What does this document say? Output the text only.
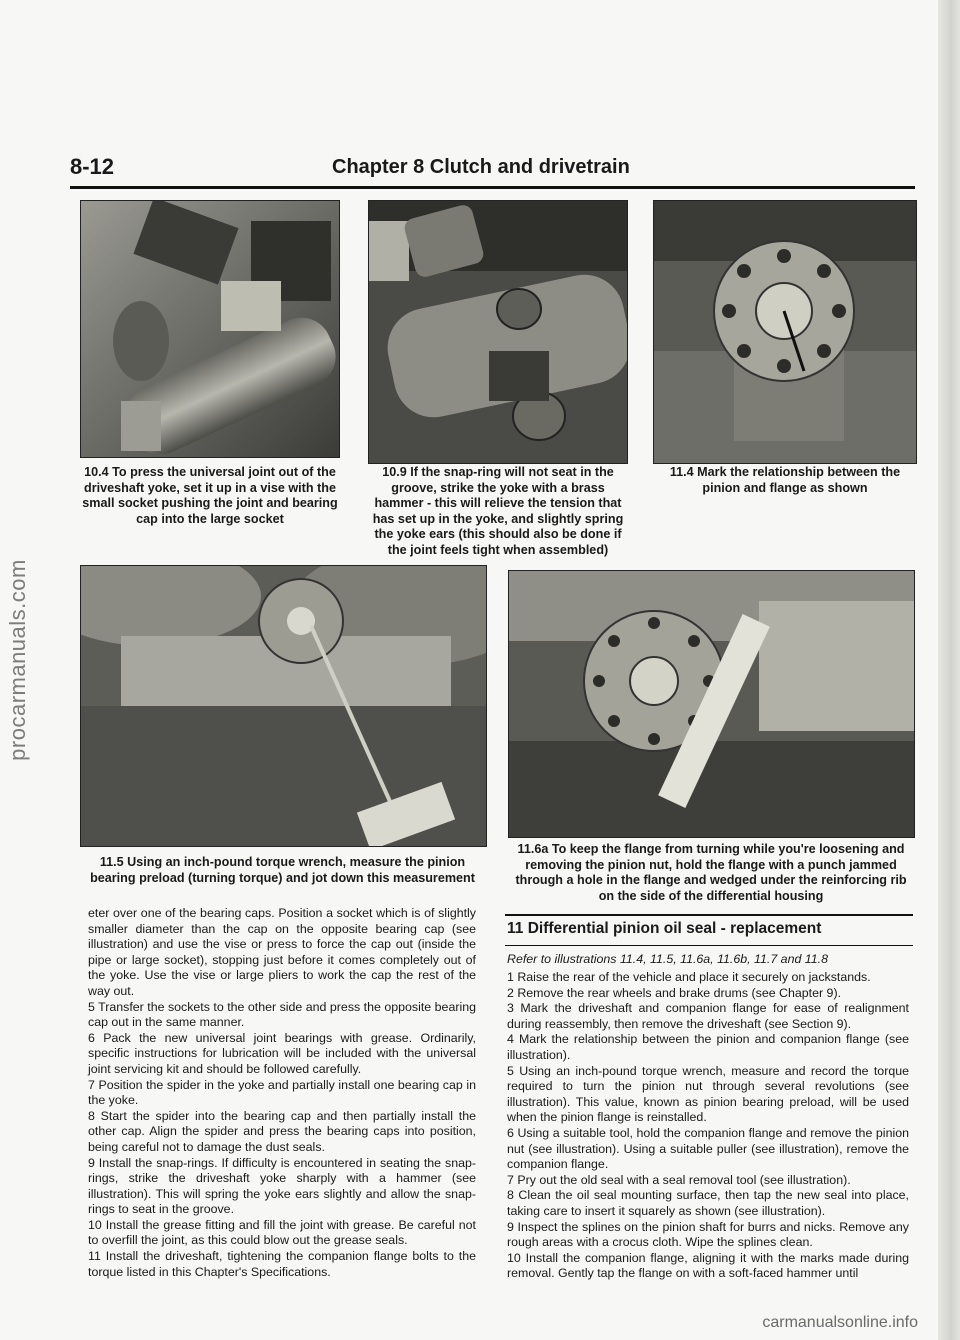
procarmanuals.com
8-12	Chapter 8 Clutch and drivetrain
10.4 To press the universal joint out of the
driveshaft yoke, set it up in a vise with the
small socket pushing the joint and bearing
cap into the large socket
10.9 If the snap-ring will not seat in the
groove, strike the yoke with a brass
hammer - this will relieve the tension that
has set up in the yoke, and slightly spring
the yoke ears (this should also be done if
the joint feels tight when assembled)
11.4 Mark the relationship between the
pinion and flange as shown
11.5 Using an inch-pound torque wrench, measure the pinion
bearing preload (turning torque) and jot down this measurement
11.6a To keep the flange from turning while you're loosening and
removing the pinion nut, hold the flange with a punch jammed
through a hole in the flange and wedged under the reinforcing rib
on the side of the differential housing

eter over one of the bearing caps. Position a socket which is of slightly smaller diameter than the cap on the opposite bearing cap (see illustration) and use the vise or press to force the cap out (inside the pipe or large socket), stopping just before it comes completely out of the yoke. Use the vise or large pliers to work the cap the rest of the way out.

5 Transfer the sockets to the other side and press the opposite bearing cap out in the same manner.

6 Pack the new universal joint bearings with grease. Ordinarily, specific instructions for lubrication will be included with the universal joint servicing kit and should be followed carefully.

7 Position the spider in the yoke and partially install one bearing cap in the yoke.

8 Start the spider into the bearing cap and then partially install the other cap. Align the spider and press the bearing caps into position, being careful not to damage the dust seals.

9 Install the snap-rings. If difficulty is encountered in seating the snap-rings, strike the driveshaft yoke sharply with a hammer (see illustration). This will spring the yoke ears slightly and allow the snap-rings to seat in the groove.

10 Install the grease fitting and fill the joint with grease. Be careful not to overfill the joint, as this could blow out the grease seals.

11 Install the driveshaft, tightening the companion flange bolts to the torque listed in this Chapter's Specifications.

11 Differential pinion oil seal - replacement
Refer to illustrations 11.4, 11.5, 11.6a, 11.6b, 11.7 and 11.8

1 Raise the rear of the vehicle and place it securely on jackstands.

2 Remove the rear wheels and brake drums (see Chapter 9).

3 Mark the driveshaft and companion flange for ease of realignment during reassembly, then remove the driveshaft (see Section 9).

4 Mark the relationship between the pinion and companion flange (see illustration).

5 Using an inch-pound torque wrench, measure and record the torque required to turn the pinion nut through several revolutions (see illustration). This value, known as pinion bearing preload, will be used when the pinion flange is reinstalled.

6 Using a suitable tool, hold the companion flange and remove the pinion nut (see illustration). Using a suitable puller (see illustration), remove the companion flange.

7 Pry out the old seal with a seal removal tool (see illustration).

8 Clean the oil seal mounting surface, then tap the new seal into place, taking care to insert it squarely as shown (see illustration).

9 Inspect the splines on the pinion shaft for burrs and nicks. Remove any rough areas with a crocus cloth. Wipe the splines clean.

10 Install the companion flange, aligning it with the marks made during removal. Gently tap the flange on with a soft-faced hammer until

carmanualsonline.info
